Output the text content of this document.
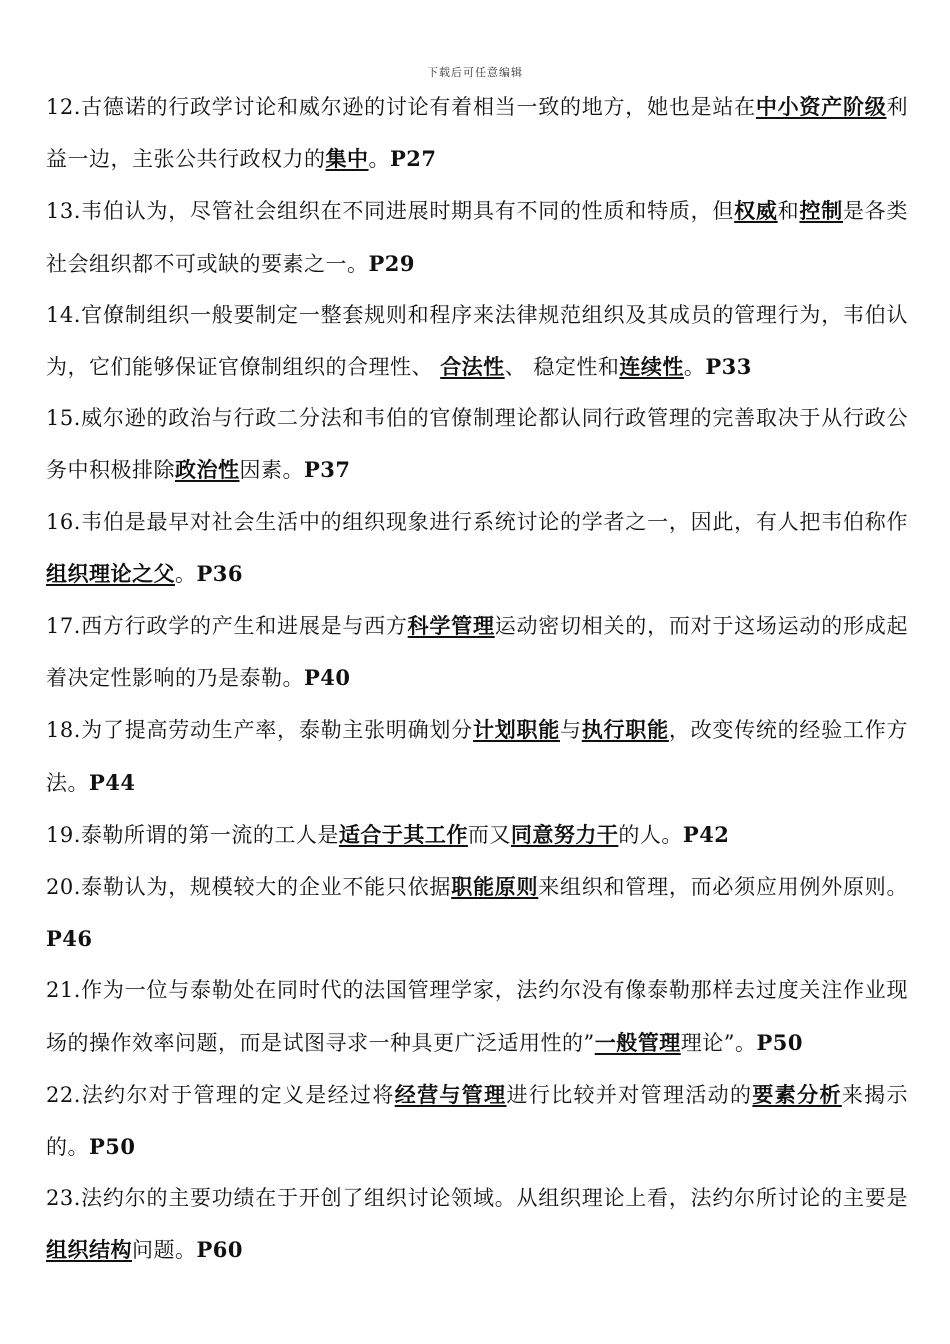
下载后可任意编辑

12.古德诺的行政学讨论和威尔逊的讨论有着相当一致的地方，她也是站在中小资产阶级利益一边，主张公共行政权力的集中。P27

13.韦伯认为，尽管社会组织在不同进展时期具有不同的性质和特质，但权威和控制是各类社会组织都不可或缺的要素之一。P29

14.官僚制组织一般要制定一整套规则和程序来法律规范组织及其成员的管理行为，韦伯认为，它们能够保证官僚制组织的合理性、 合法性、 稳定性和连续性。P33

15.威尔逊的政治与行政二分法和韦伯的官僚制理论都认同行政管理的完善取决于从行政公务中积极排除政治性因素。P37

16.韦伯是最早对社会生活中的组织现象进行系统讨论的学者之一，因此，有人把韦伯称作组织理论之父。P36

17.西方行政学的产生和进展是与西方科学管理运动密切相关的，而对于这场运动的形成起着决定性影响的乃是泰勒。P40

18.为了提高劳动生产率，泰勒主张明确划分计划职能与执行职能，改变传统的经验工作方法。P44

19.泰勒所谓的第一流的工人是适合于其工作而又同意努力干的人。P42

20.泰勒认为，规模较大的企业不能只依据职能原则来组织和管理，而必须应用例外原则。P46

21.作为一位与泰勒处在同时代的法国管理学家，法约尔没有像泰勒那样去过度关注作业现场的操作效率问题，而是试图寻求一种具更广泛适用性的”一般管理理论”。P50

22.法约尔对于管理的定义是经过将经营与管理进行比较并对管理活动的要素分析来揭示的。P50

23.法约尔的主要功绩在于开创了组织讨论领域。从组织理论上看，法约尔所讨论的主要是组织结构问题。P60
